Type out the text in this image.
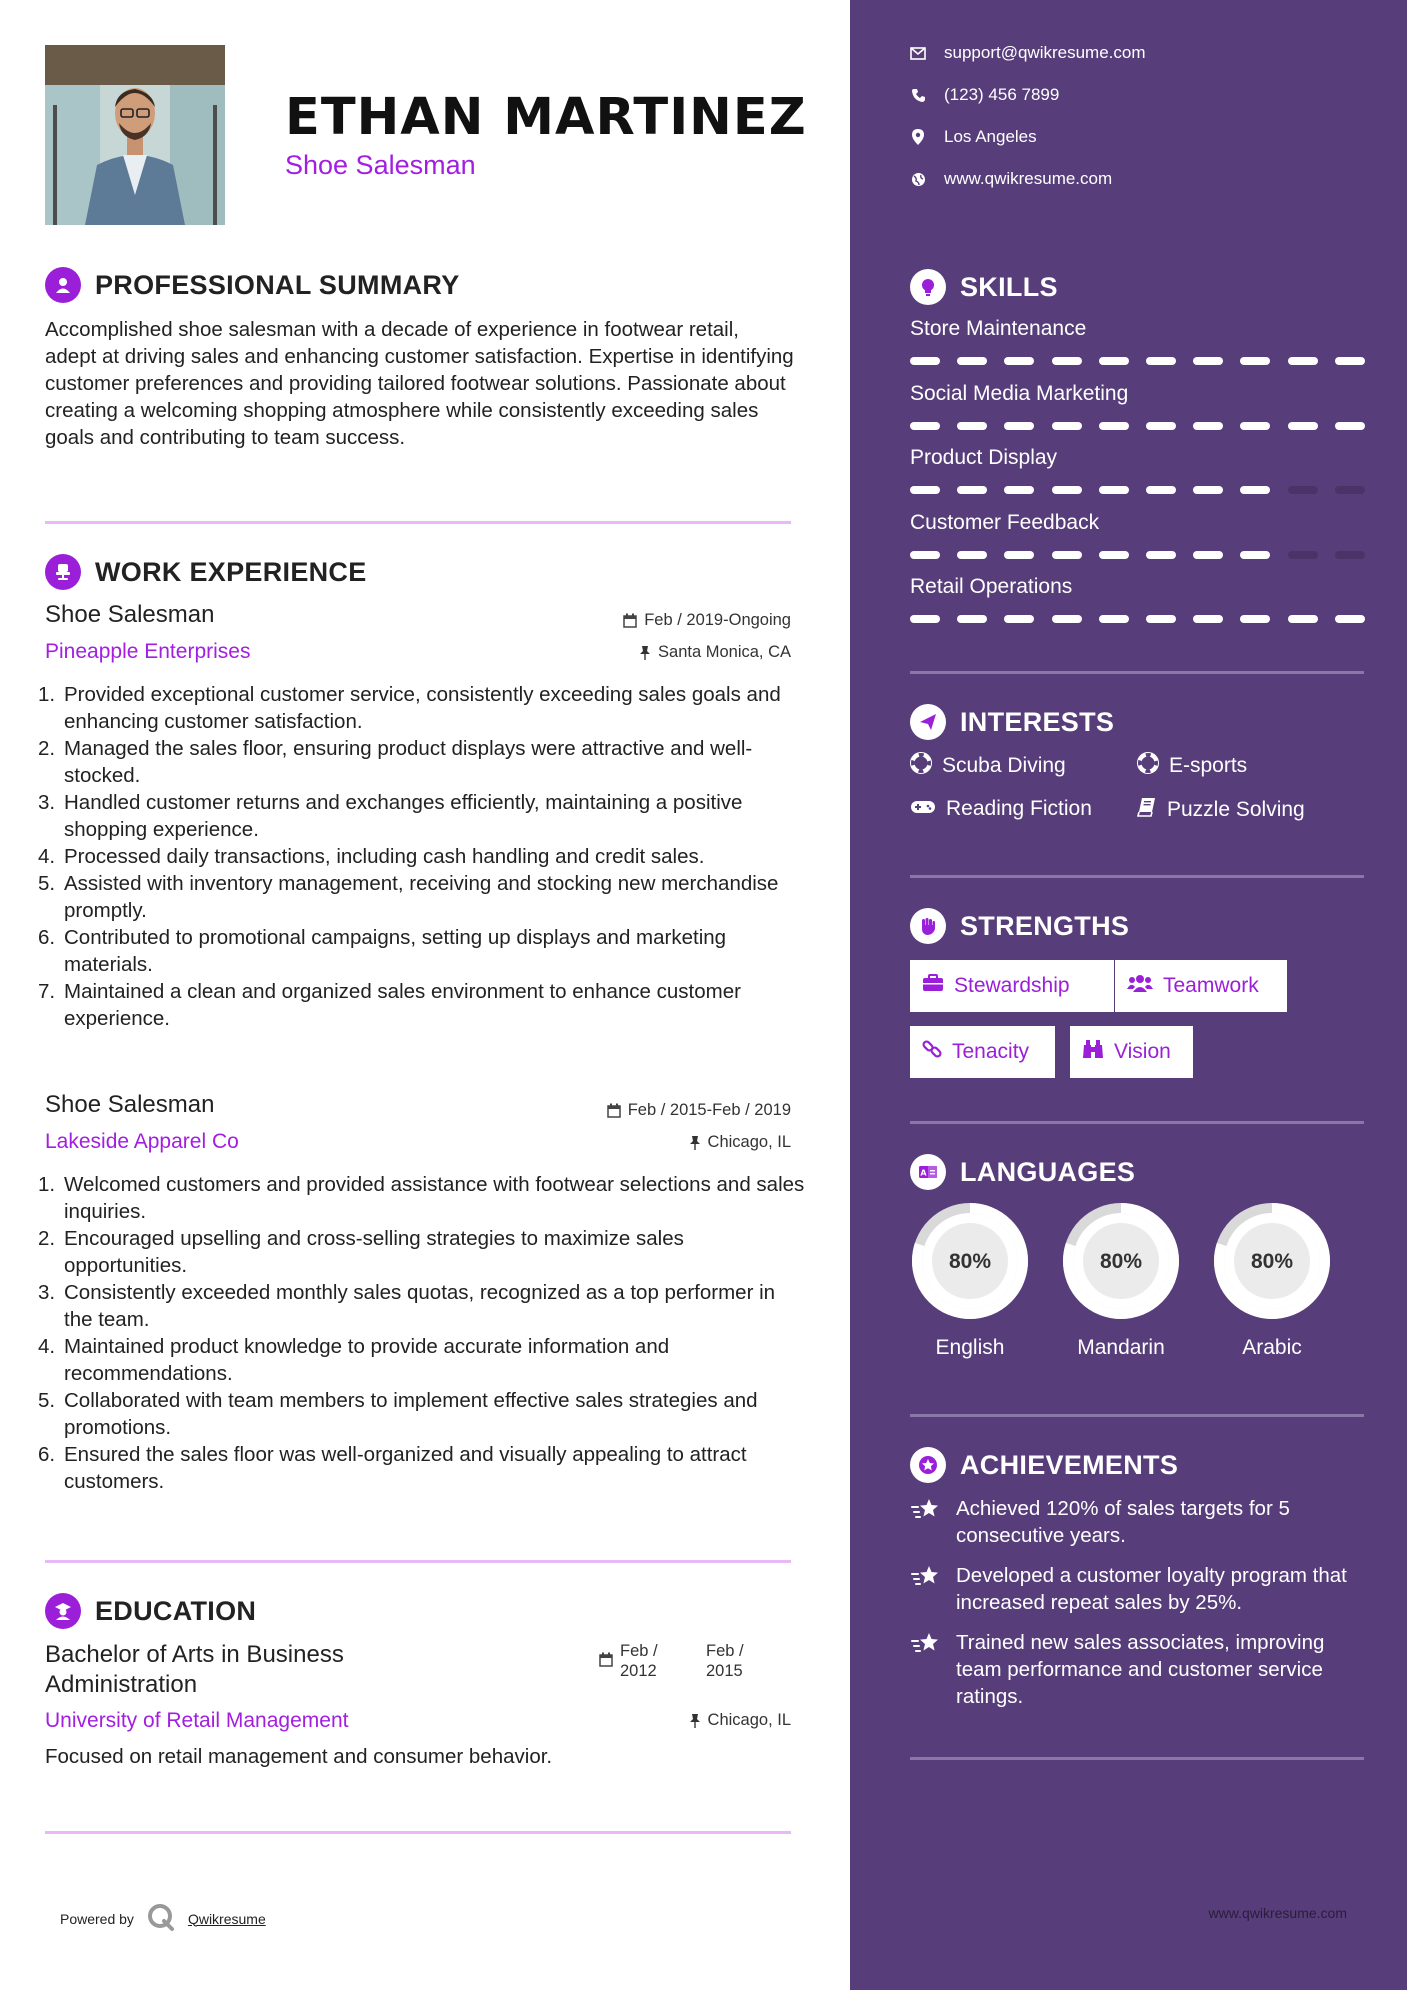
ETHAN MARTINEZ
Shoe Salesman
PROFESSIONAL SUMMARY
Accomplished shoe salesman with a decade of experience in footwear retail, adept at driving sales and enhancing customer satisfaction. Expertise in identifying customer preferences and providing tailored footwear solutions. Passionate about creating a welcoming shopping atmosphere while consistently exceeding sales goals and contributing to team success.
WORK EXPERIENCE
Shoe Salesman	Feb / 2019-Ongoing
Pineapple Enterprises	Santa Monica, CA
1. Provided exceptional customer service, consistently exceeding sales goals and enhancing customer satisfaction.
2. Managed the sales floor, ensuring product displays were attractive and well-stocked.
3. Handled customer returns and exchanges efficiently, maintaining a positive shopping experience.
4. Processed daily transactions, including cash handling and credit sales.
5. Assisted with inventory management, receiving and stocking new merchandise promptly.
6. Contributed to promotional campaigns, setting up displays and marketing materials.
7. Maintained a clean and organized sales environment to enhance customer experience.
Shoe Salesman	Feb / 2015-Feb / 2019
Lakeside Apparel Co	Chicago, IL
1. Welcomed customers and provided assistance with footwear selections and sales inquiries.
2. Encouraged upselling and cross-selling strategies to maximize sales opportunities.
3. Consistently exceeded monthly sales quotas, recognized as a top performer in the team.
4. Maintained product knowledge to provide accurate information and recommendations.
5. Collaborated with team members to implement effective sales strategies and promotions.
6. Ensured the sales floor was well-organized and visually appealing to attract customers.
EDUCATION
Bachelor of Arts in Business Administration
Feb / 2012
Feb / 2015
University of Retail Management	Chicago, IL
Focused on retail management and consumer behavior.
Powered by	Qwikresume
support@qwikresume.com
(123) 456 7899
Los Angeles
www.qwikresume.com
SKILLS
Store Maintenance
Social Media Marketing
Product Display
Customer Feedback
Retail Operations
INTERESTS
Scuba Diving	E-sports
Reading Fiction	Puzzle Solving
STRENGTHS
Stewardship	Teamwork
Tenacity	Vision
A LANGUAGES
80%
English
80%
Mandarin
80%
Arabic
ACHIEVEMENTS
Achieved 120% of sales targets for 5 consecutive years.
Developed a customer loyalty program that increased repeat sales by 25%.
Trained new sales associates, improving team performance and customer service ratings.
www.qwikresume.com
